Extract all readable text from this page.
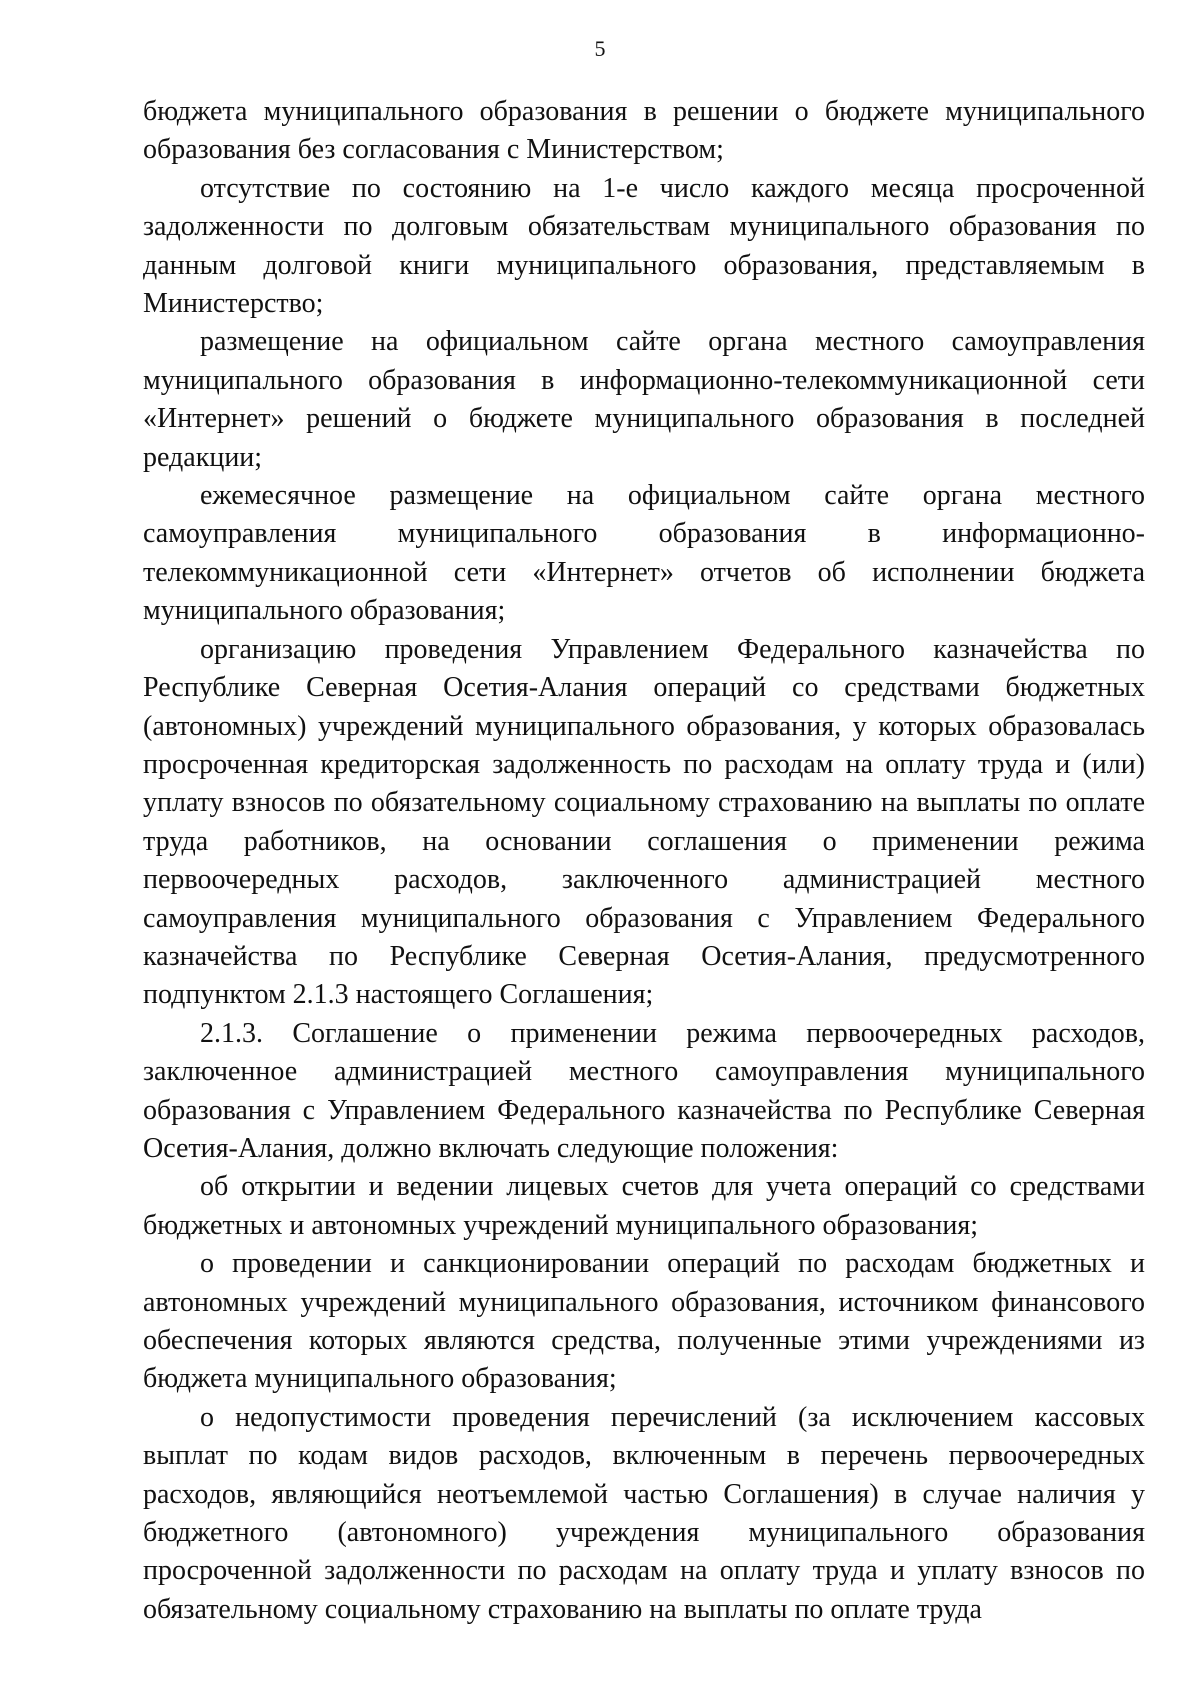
5

бюджета муниципального образования в решении о бюджете муниципального образования без согласования с Министерством;

отсутствие по состоянию на 1-е число каждого месяца просроченной задолженности по долговым обязательствам муниципального образования по данным долговой книги муниципального образования, представляемым в Министерство;

размещение на официальном сайте органа местного самоуправления муниципального образования в информационно-телекоммуникационной сети «Интернет» решений о бюджете муниципального образования в последней редакции;

ежемесячное размещение на официальном сайте органа местного самоуправления муниципального образования в информационно-телекоммуникационной сети «Интернет» отчетов об исполнении бюджета муниципального образования;

организацию проведения Управлением Федерального казначейства по Республике Северная Осетия-Алания операций со средствами бюджетных (автономных) учреждений муниципального образования, у которых образовалась просроченная кредиторская задолженность по расходам на оплату труда и (или) уплату взносов по обязательному социальному страхованию на выплаты по оплате труда работников, на основании соглашения о применении режима первоочередных расходов, заключенного администрацией местного самоуправления муниципального образования с Управлением Федерального казначейства по Республике Северная Осетия-Алания, предусмотренного подпунктом 2.1.3 настоящего Соглашения;

2.1.3. Соглашение о применении режима первоочередных расходов, заключенное администрацией местного самоуправления муниципального образования с Управлением Федерального казначейства по Республике Северная Осетия-Алания, должно включать следующие положения:

об открытии и ведении лицевых счетов для учета операций со средствами бюджетных и автономных учреждений муниципального образования;

о проведении и санкционировании операций по расходам бюджетных и автономных учреждений муниципального образования, источником финансового обеспечения которых являются средства, полученные этими учреждениями из бюджета муниципального образования;

о недопустимости проведения перечислений (за исключением кассовых выплат по кодам видов расходов, включенным в перечень первоочередных расходов, являющийся неотъемлемой частью Соглашения) в случае наличия у бюджетного (автономного) учреждения муниципального образования просроченной задолженности по расходам на оплату труда и уплату взносов по обязательному социальному страхованию на выплаты по оплате труда
